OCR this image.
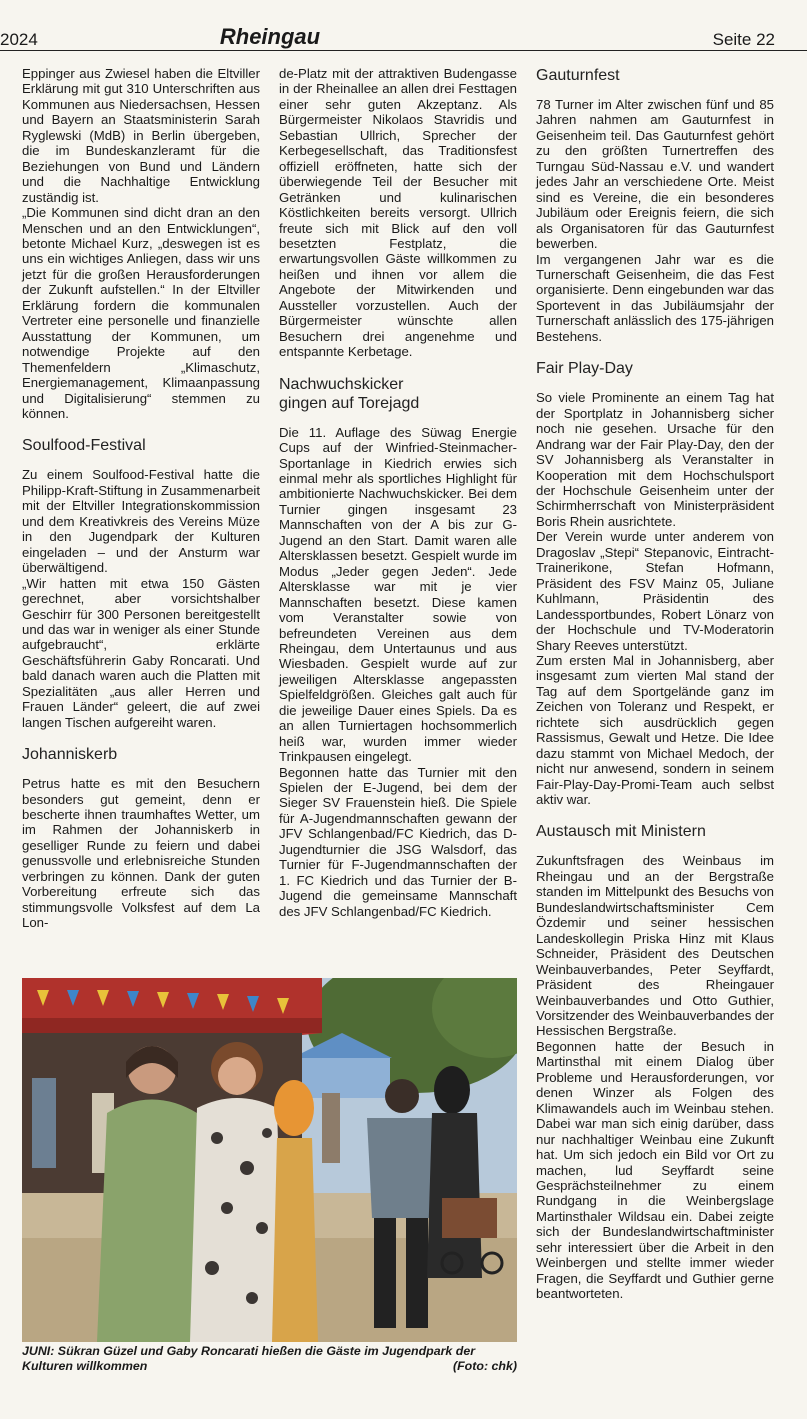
2024	Rheingau	Seite 22

Eppinger aus Zwiesel haben die Eltviller Erklärung mit gut 310 Unterschriften aus Kommunen aus Niedersachsen, Hessen und Bayern an Staatsministerin Sarah Ryglewski (MdB) in Berlin übergeben, die im Bundeskanzleramt für die Beziehungen von Bund und Ländern und die Nachhaltige Entwicklung zuständig ist.

„Die Kommunen sind dicht dran an den Menschen und an den Entwicklungen“, betonte Michael Kurz, „deswegen ist es uns ein wichtiges Anliegen, dass wir uns jetzt für die großen Herausforderungen der Zukunft aufstellen.“ In der Eltviller Erklärung fordern die kommunalen Vertreter eine personelle und finanzielle Ausstattung der Kommunen, um notwendige Projekte auf den Themenfeldern „Klimaschutz, Energiemanagement, Klimaanpassung und Digitalisierung“ stemmen zu können.

Soulfood-Festival

Zu einem Soulfood-Festival hatte die Philipp-Kraft-Stiftung in Zusammenarbeit mit der Eltviller Integrationskommission und dem Kreativkreis des Vereins Müze in den Jugendpark der Kulturen eingeladen – und der Ansturm war überwältigend.

„Wir hatten mit etwa 150 Gästen gerechnet, aber vorsichtshalber Geschirr für 300 Personen bereitgestellt und das war in weniger als einer Stunde aufgebraucht“, erklärte Geschäftsführerin Gaby Roncarati. Und bald danach waren auch die Platten mit Spezialitäten „aus aller Herren und Frauen Länder“ geleert, die auf zwei langen Tischen aufgereiht waren.

Johanniskerb

Petrus hatte es mit den Besuchern besonders gut gemeint, denn er bescherte ihnen traumhaftes Wetter, um im Rahmen der Johanniskerb in geselliger Runde zu feiern und dabei genussvolle und erlebnisreiche Stunden verbringen zu können. Dank der guten Vorbereitung erfreute sich das stimmungsvolle Volksfest auf dem La Lon-

de-Platz mit der attraktiven Budengasse in der Rheinallee an allen drei Festtagen einer sehr guten Akzeptanz. Als Bürgermeister Nikolaos Stavridis und Sebastian Ullrich, Sprecher der Kerbegesellschaft, das Traditionsfest offiziell eröffneten, hatte sich der überwiegende Teil der Besucher mit Getränken und kulinarischen Köstlichkeiten bereits versorgt. Ullrich freute sich mit Blick auf den voll besetzten Festplatz, die erwartungsvollen Gäste willkommen zu heißen und ihnen vor allem die Angebote der Mitwirkenden und Aussteller vorzustellen. Auch der Bürgermeister wünschte allen Besuchern drei angenehme und entspannte Kerbetage.

Nachwuchskicker
gingen auf Torejagd

Die 11. Auflage des Süwag Energie Cups auf der Winfried-Steinmacher-Sportanlage in Kiedrich erwies sich einmal mehr als sportliches Highlight für ambitionierte Nachwuchskicker. Bei dem Turnier gingen insgesamt 23 Mannschaften von der A bis zur G-Jugend an den Start. Damit waren alle Altersklassen besetzt. Gespielt wurde im Modus „Jeder gegen Jeden“. Jede Altersklasse war mit je vier Mannschaften besetzt. Diese kamen vom Veranstalter sowie von befreundeten Vereinen aus dem Rheingau, dem Untertaunus und aus Wiesbaden. Gespielt wurde auf zur jeweiligen Altersklasse angepassten Spielfeldgrößen. Gleiches galt auch für die jeweilige Dauer eines Spiels. Da es an allen Turniertagen hochsommerlich heiß war, wurden immer wieder Trinkpausen eingelegt.

Begonnen hatte das Turnier mit den Spielen der E-Jugend, bei dem der Sieger SV Frauenstein hieß. Die Spiele für A-Jugendmannschaften gewann der JFV Schlangenbad/FC Kiedrich, das D-Jugendturnier die JSG Walsdorf, das Turnier für F-Jugendmannschaften der 1. FC Kiedrich und das Turnier der B-Jugend die gemeinsame Mannschaft des JFV Schlangenbad/FC Kiedrich.

Gauturnfest

78 Turner im Alter zwischen fünf und 85 Jahren nahmen am Gauturnfest in Geisenheim teil. Das Gauturnfest gehört zu den größten Turnertreffen des Turngau Süd-Nassau e.V. und wandert jedes Jahr an verschiedene Orte. Meist sind es Vereine, die ein besonderes Jubiläum oder Ereignis feiern, die sich als Organisatoren für das Gauturnfest bewerben.

Im vergangenen Jahr war es die Turnerschaft Geisenheim, die das Fest organisierte. Denn eingebunden war das Sportevent in das Jubiläumsjahr der Turnerschaft anlässlich des 175-jährigen Bestehens.

Fair Play-Day

So viele Prominente an einem Tag hat der Sportplatz in Johannisberg sicher noch nie gesehen. Ursache für den Andrang war der Fair Play-Day, den der SV Johannisberg als Veranstalter in Kooperation mit dem Hochschulsport der Hochschule Geisenheim unter der Schirmherrschaft von Ministerpräsident Boris Rhein ausrichtete.

Der Verein wurde unter anderem von Dragoslav „Stepi“ Stepanovic, Eintracht-Trainerikone, Stefan Hofmann, Präsident des FSV Mainz 05, Juliane Kuhlmann, Präsidentin des Landessportbundes, Robert Lönarz von der Hochschule und TV-Moderatorin Shary Reeves unterstützt.

Zum ersten Mal in Johannisberg, aber insgesamt zum vierten Mal stand der Tag auf dem Sportgelände ganz im Zeichen von Toleranz und Respekt, er richtete sich ausdrücklich gegen Rassismus, Gewalt und Hetze. Die Idee dazu stammt von Michael Medoch, der nicht nur anwesend, sondern in seinem Fair-Play-Day-Promi-Team auch selbst aktiv war.

Austausch mit Ministern

Zukunftsfragen des Weinbaus im Rheingau und an der Bergstraße standen im Mittelpunkt des Besuchs von Bundeslandwirtschaftsminister Cem Özdemir und seiner hessischen Landeskollegin Priska Hinz mit Klaus Schneider, Präsident des Deutschen Weinbauverbandes, Peter Seyffardt, Präsident des Rheingauer Weinbauverbandes und Otto Guthier, Vorsitzender des Weinbauverbandes der Hessischen Bergstraße.

Begonnen hatte der Besuch in Martinsthal mit einem Dialog über Probleme und Herausforderungen, vor denen Winzer als Folgen des Klimawandels auch im Weinbau stehen. Dabei war man sich einig darüber, dass nur nachhaltiger Weinbau eine Zukunft hat. Um sich jedoch ein Bild vor Ort zu machen, lud Seyffardt seine Gesprächsteilnehmer zu einem Rundgang in die Weinbergslage Martinsthaler Wildsau ein. Dabei zeigte sich der Bundeslandwirtschaftminister sehr interessiert über die Arbeit in den Weinbergen und stellte immer wieder Fragen, die Seyffardt und Guthier gerne beantworteten.

JUNI: Sükran Güzel und Gaby Roncarati hießen die Gäste im Jugendpark der Kulturen willkommen	(Foto: chk)
